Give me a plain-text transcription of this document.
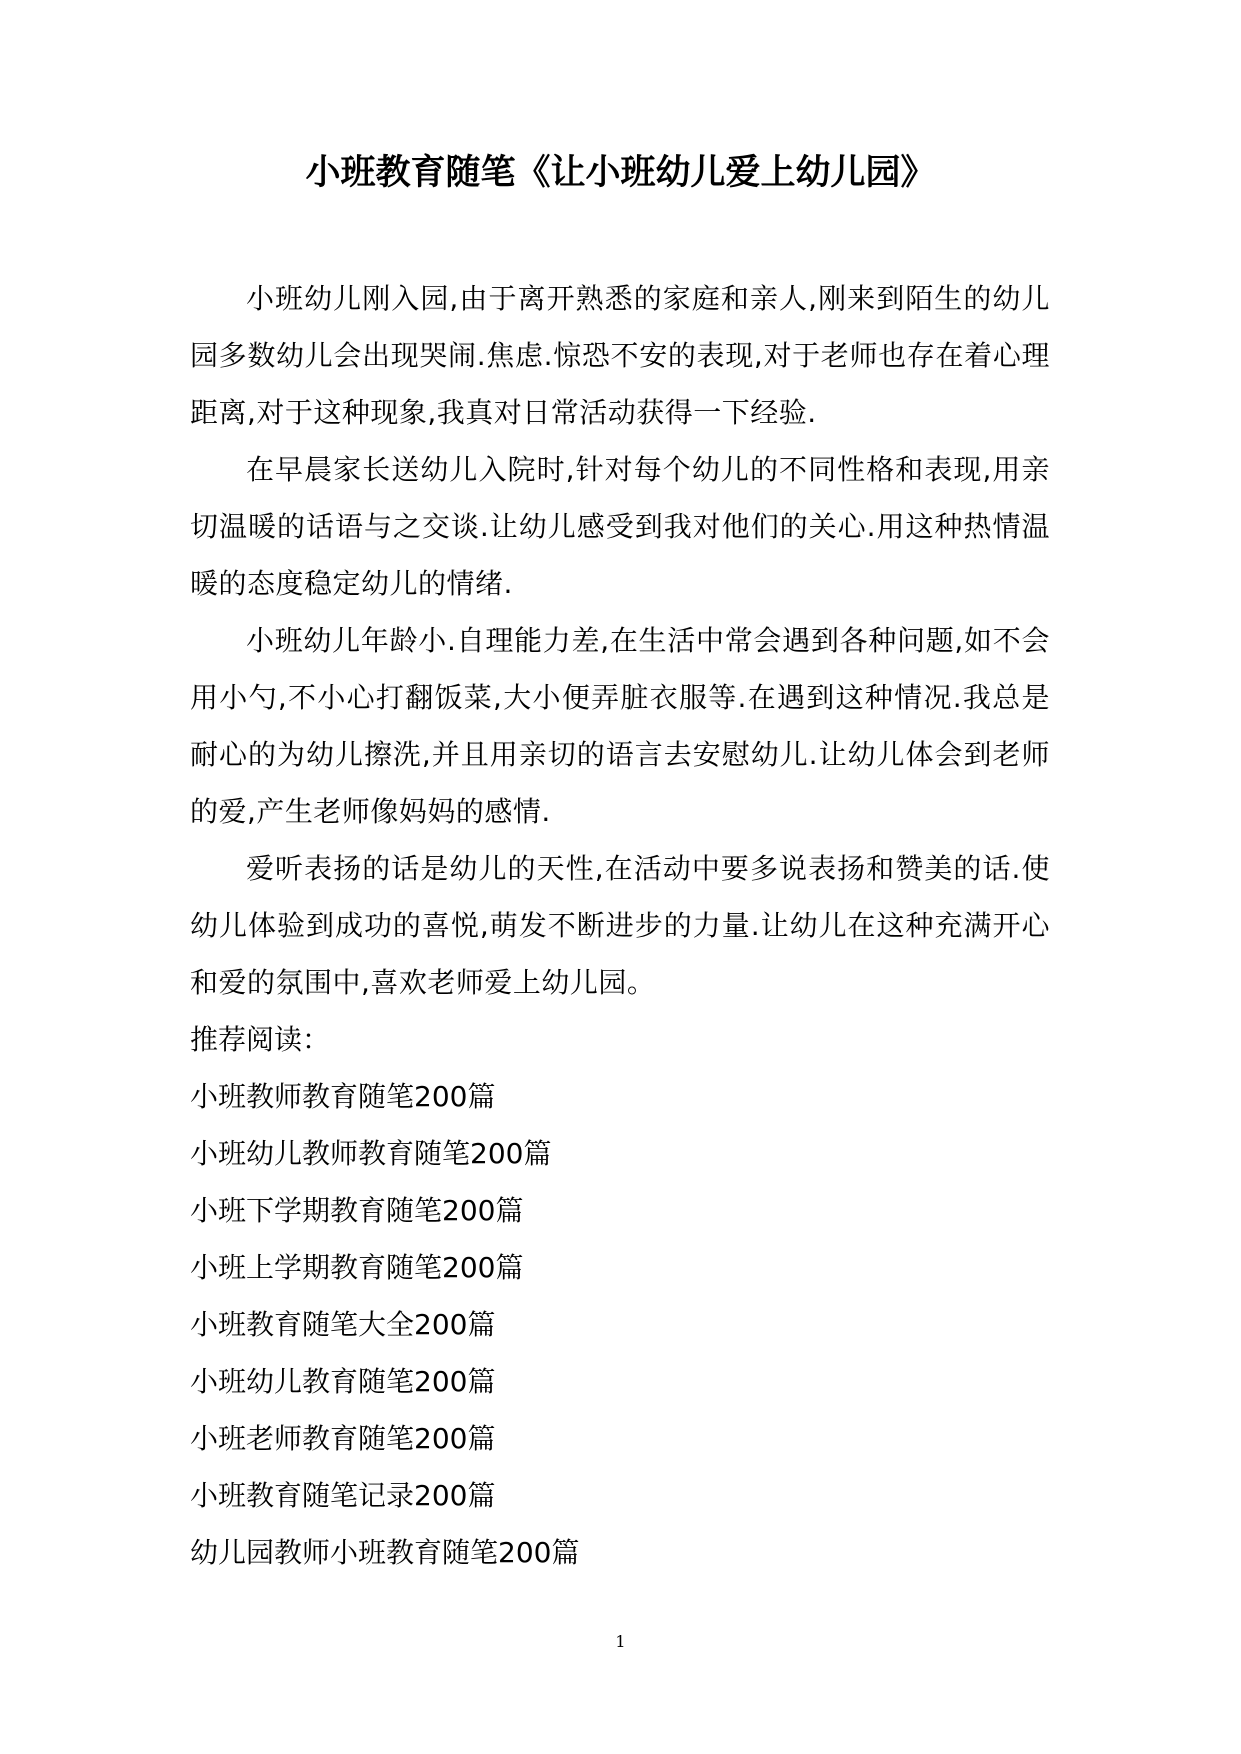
小班教育随笔《让小班幼儿爱上幼儿园》

小班幼儿刚入园,由于离开熟悉的家庭和亲人,刚来到陌生的幼儿园多数幼儿会出现哭闹.焦虑.惊恐不安的表现,对于老师也存在着心理距离,对于这种现象,我真对日常活动获得一下经验.

在早晨家长送幼儿入院时,针对每个幼儿的不同性格和表现,用亲切温暖的话语与之交谈.让幼儿感受到我对他们的关心.用这种热情温暖的态度稳定幼儿的情绪.

小班幼儿年龄小.自理能力差,在生活中常会遇到各种问题,如不会用小勺,不小心打翻饭菜,大小便弄脏衣服等.在遇到这种情况.我总是耐心的为幼儿擦洗,并且用亲切的语言去安慰幼儿.让幼儿体会到老师的爱,产生老师像妈妈的感情.

爱听表扬的话是幼儿的天性,在活动中要多说表扬和赞美的话.使幼儿体验到成功的喜悦,萌发不断进步的力量.让幼儿在这种充满开心和爱的氛围中,喜欢老师爱上幼儿园。

推荐阅读：

小班教师教育随笔200篇
小班幼儿教师教育随笔200篇
小班下学期教育随笔200篇
小班上学期教育随笔200篇
小班教育随笔大全200篇
小班幼儿教育随笔200篇
小班老师教育随笔200篇
小班教育随笔记录200篇
幼儿园教师小班教育随笔200篇
1
